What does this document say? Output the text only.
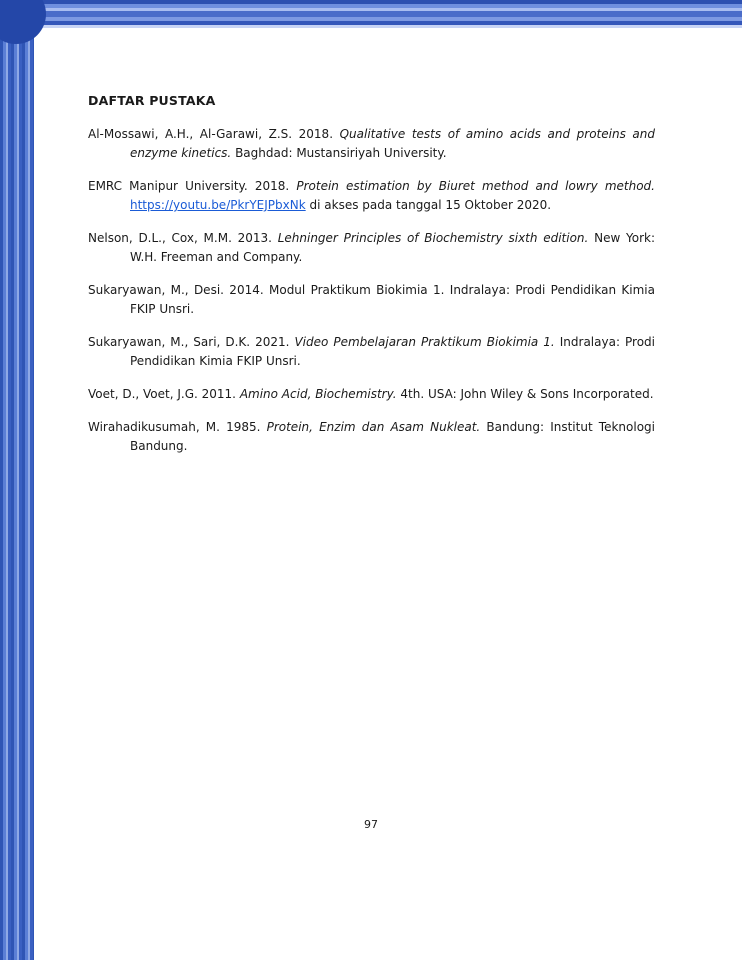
DAFTAR PUSTAKA

Al-Mossawi, A.H., Al-Garawi, Z.S. 2018. Qualitative tests of amino acids and proteins and enzyme kinetics. Baghdad: Mustansiriyah University.

EMRC Manipur University. 2018. Protein estimation by Biuret method and lowry method. https://youtu.be/PkrYEJPbxNk di akses pada tanggal 15 Oktober 2020.

Nelson, D.L., Cox, M.M. 2013. Lehninger Principles of Biochemistry sixth edition. New York: W.H. Freeman and Company.

Sukaryawan, M., Desi. 2014. Modul Praktikum Biokimia 1. Indralaya: Prodi Pendidikan Kimia FKIP Unsri.

Sukaryawan, M., Sari, D.K. 2021. Video Pembelajaran Praktikum Biokimia 1. Indralaya: Prodi Pendidikan Kimia FKIP Unsri.

Voet, D., Voet, J.G. 2011. Amino Acid, Biochemistry. 4th. USA: John Wiley & Sons Incorporated.

Wirahadikusumah, M. 1985. Protein, Enzim dan Asam Nukleat. Bandung: Institut Teknologi Bandung.

97
